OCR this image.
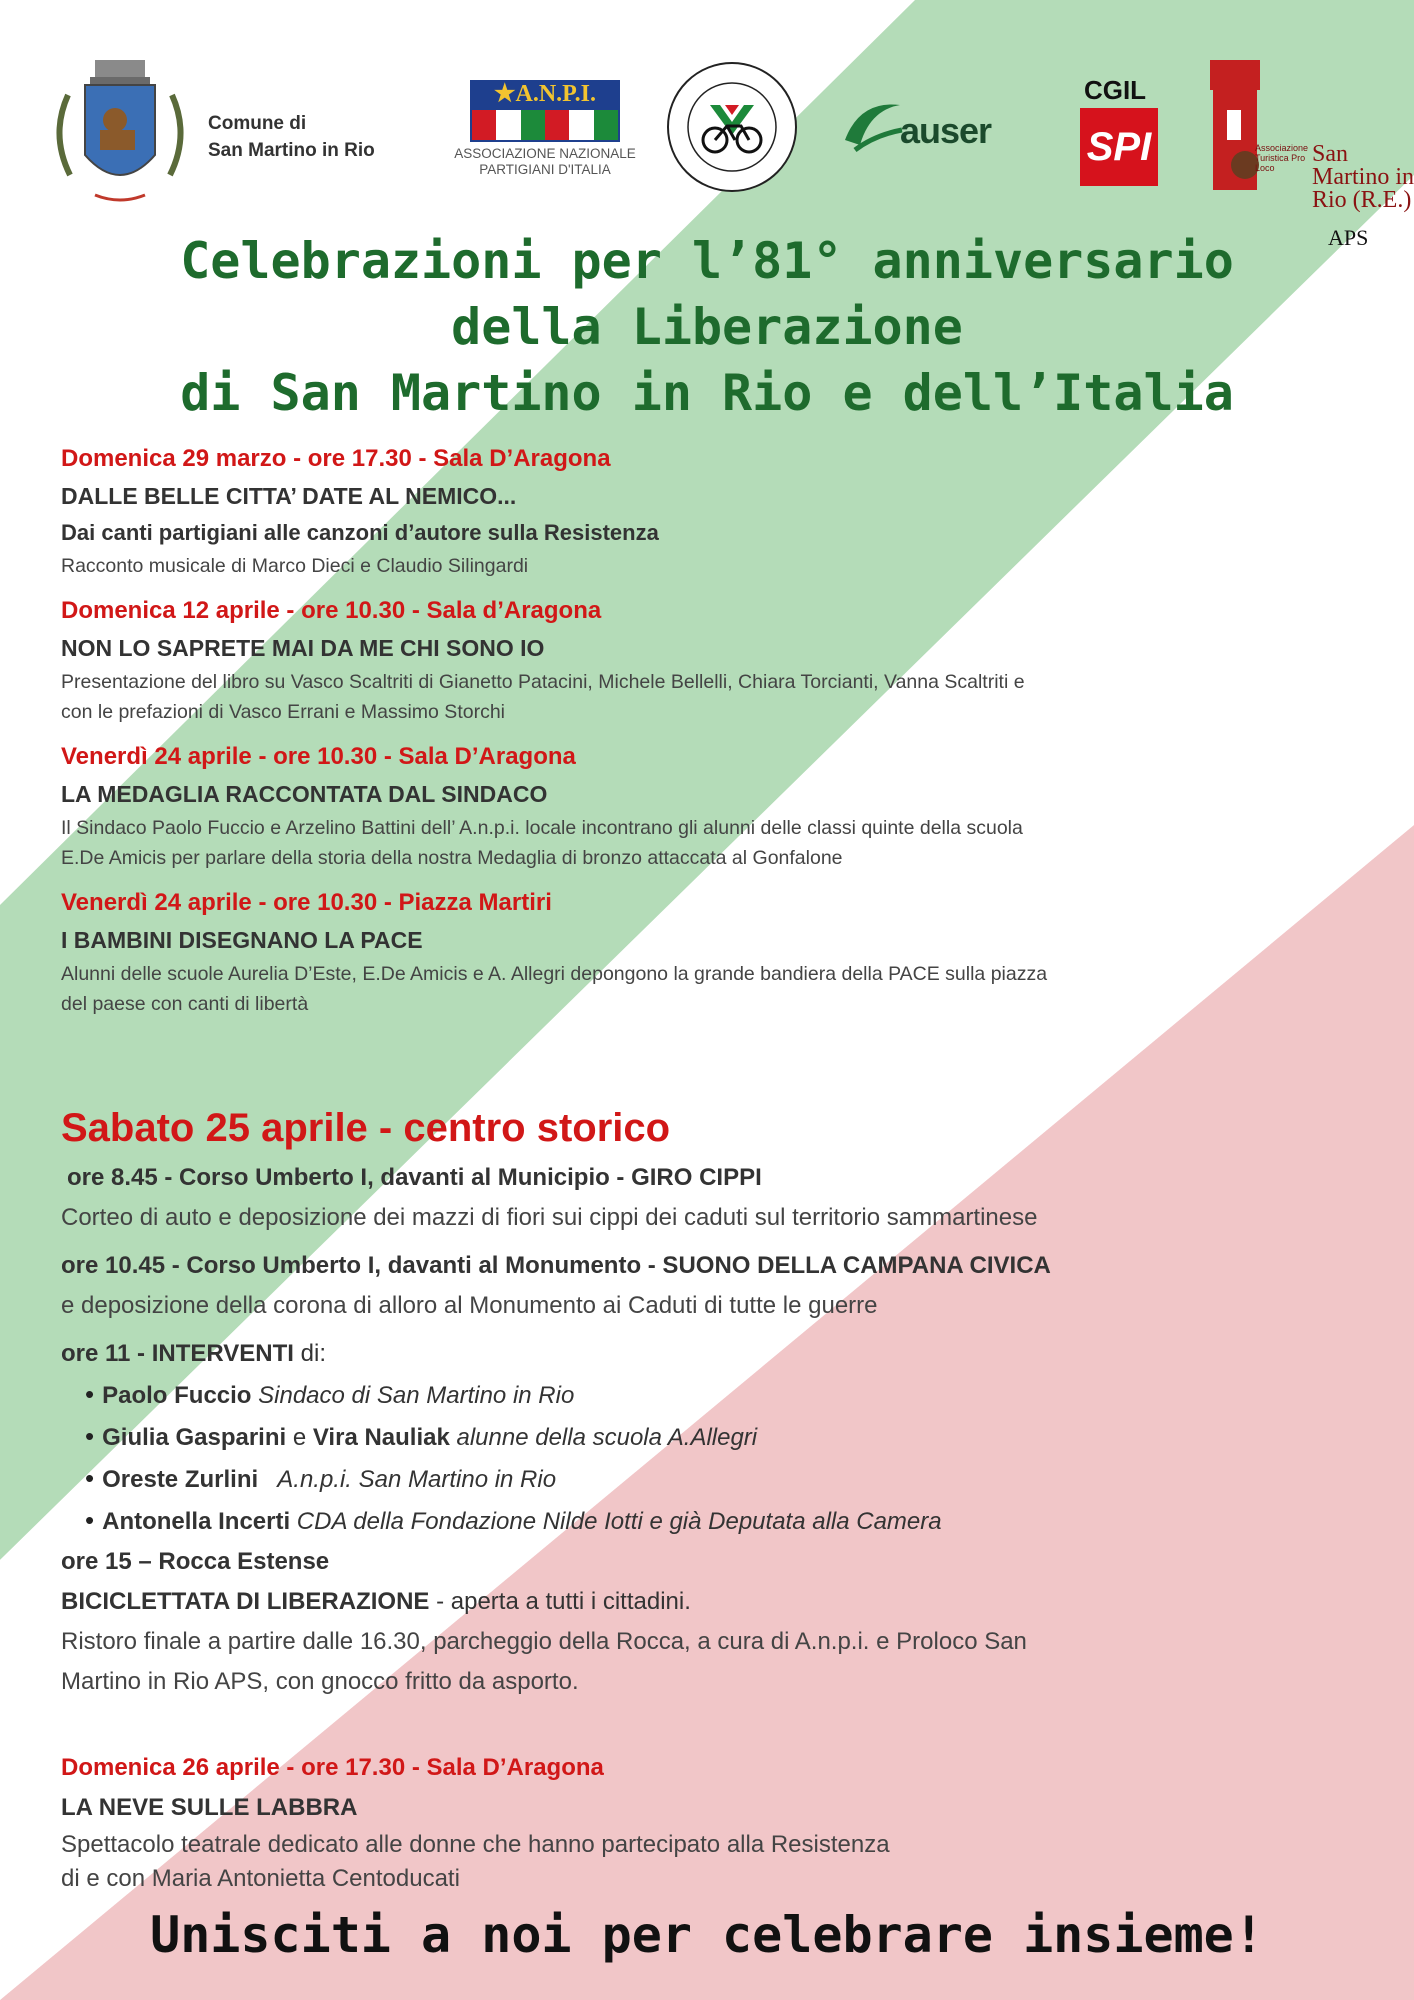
Comune di
San Martino in Rio
★A.N.P.I.
ASSOCIAZIONE NAZIONALE
PARTIGIANI D'ITALIA
auser
CGIL
SPI	Associazione Turistica Pro Loco
San Martino in Rio (R.E.)
APS
Celebrazioni per l’81° anniversario
della Liberazione
di San Martino in Rio e dell’Italia
Domenica 29 marzo - ore 17.30 - Sala D’Aragona
DALLE BELLE CITTA’ DATE AL NEMICO...
Dai canti partigiani alle canzoni d’autore sulla Resistenza
Racconto musicale di Marco Dieci e Claudio Silingardi
Domenica 12 aprile - ore 10.30 - Sala d’Aragona
NON LO SAPRETE MAI DA ME CHI SONO IO
Presentazione del libro su Vasco Scaltriti di Gianetto Patacini, Michele Bellelli, Chiara Torcianti, Vanna Scaltriti e
con le prefazioni di Vasco Errani e Massimo Storchi
Venerdì 24 aprile - ore 10.30 - Sala D’Aragona
LA MEDAGLIA RACCONTATA DAL SINDACO
Il Sindaco Paolo Fuccio e Arzelino Battini dell’ A.n.p.i. locale incontrano gli alunni delle classi quinte della scuola
E.De Amicis per parlare della storia della nostra Medaglia di bronzo attaccata al Gonfalone
Venerdì 24 aprile - ore 10.30 - Piazza Martiri
I BAMBINI DISEGNANO LA PACE
Alunni delle scuole Aurelia D’Este, E.De Amicis e A. Allegri depongono la grande bandiera della PACE sulla piazza
del paese con canti di libertà
Sabato 25 aprile - centro storico
ore 8.45 - Corso Umberto I, davanti al Municipio - GIRO CIPPI
Corteo di auto e deposizione dei mazzi di fiori sui cippi dei caduti sul territorio sammartinese
ore 10.45 - Corso Umberto I, davanti al Monumento - SUONO DELLA CAMPANA CIVICA
e deposizione della corona di alloro al Monumento ai Caduti di tutte le guerre
ore 11 - INTERVENTI di:
• Paolo Fuccio Sindaco di San Martino in Rio
• Giulia Gasparini e Vira Nauliak alunne della scuola A.Allegri
• Oreste Zurlini   A.n.p.i. San Martino in Rio
• Antonella Incerti CDA della Fondazione Nilde Iotti e già Deputata alla Camera
ore 15 – Rocca Estense
BICICLETTATA DI LIBERAZIONE - aperta a tutti i cittadini.
Ristoro finale a partire dalle 16.30, parcheggio della Rocca, a cura di A.n.p.i. e Proloco San
Martino in Rio APS, con gnocco fritto da asporto.
Domenica 26 aprile - ore 17.30 - Sala D’Aragona
LA NEVE SULLE LABBRA
Spettacolo teatrale dedicato alle donne che hanno partecipato alla Resistenza
di e con Maria Antonietta Centoducati
Unisciti a noi per celebrare insieme!
